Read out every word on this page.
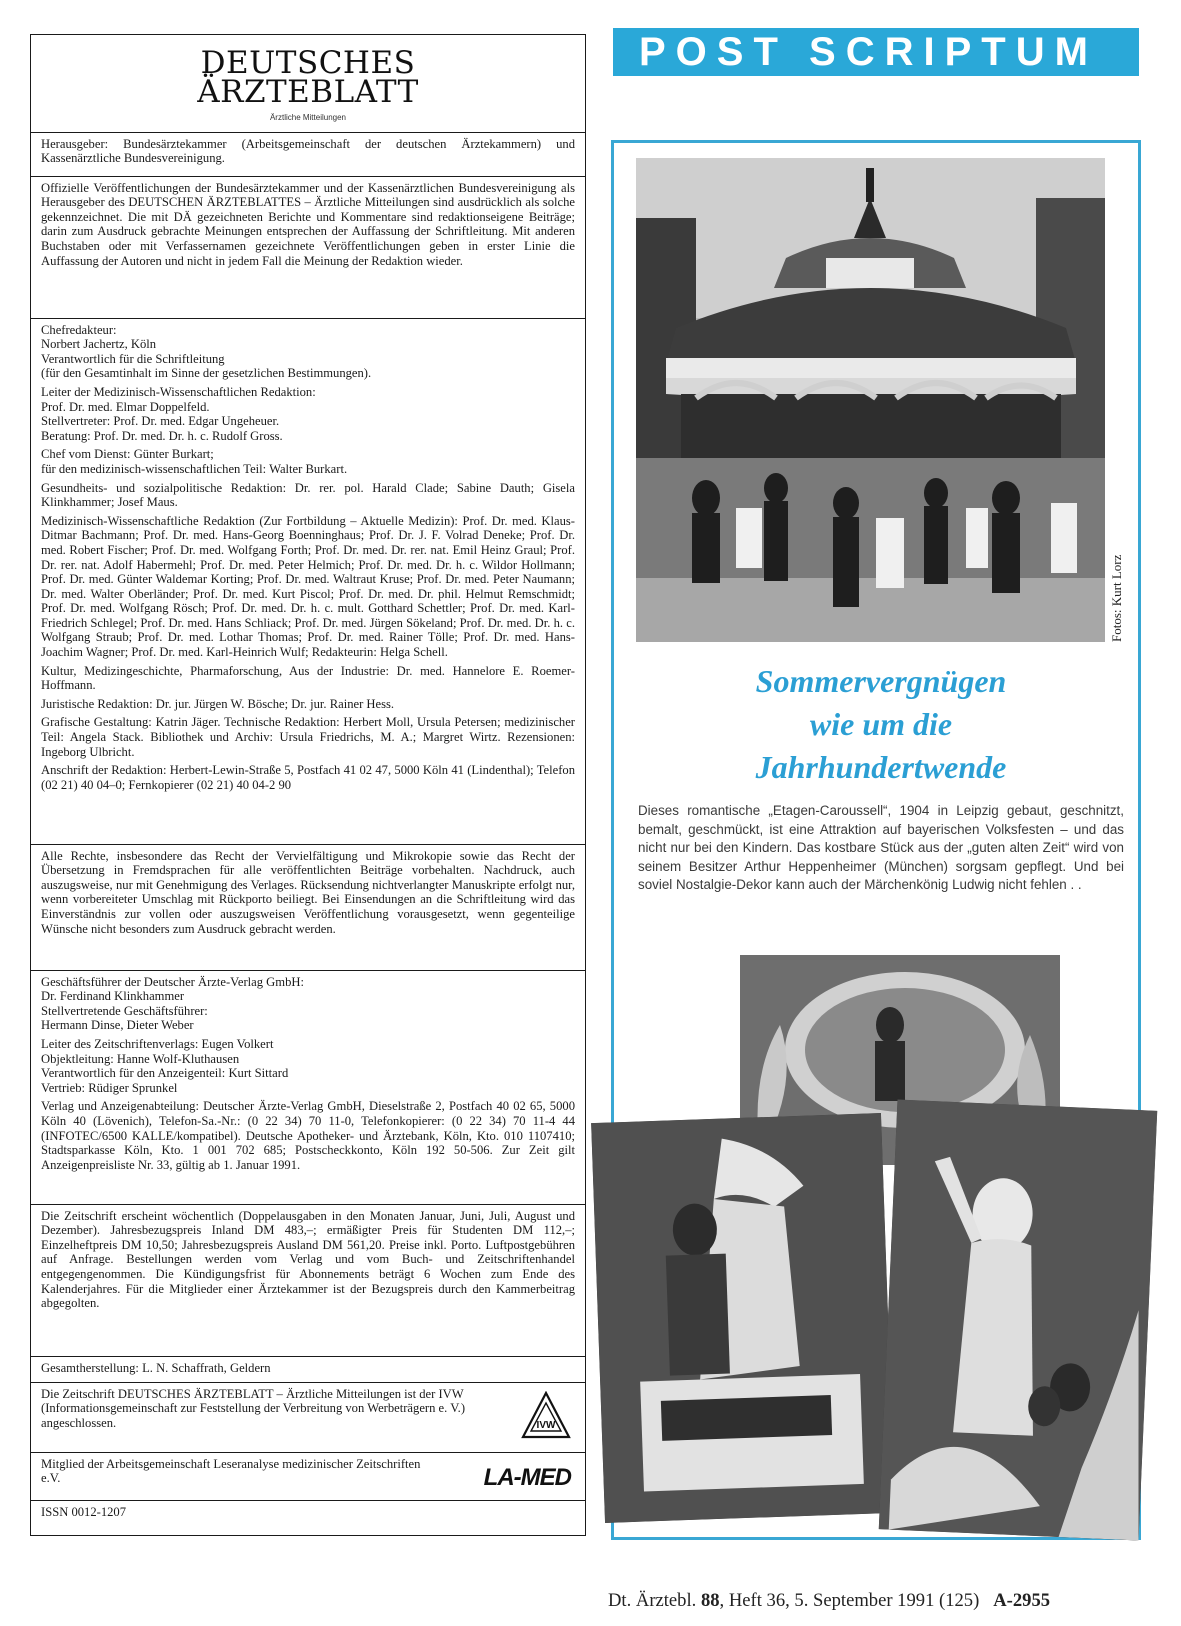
DEUTSCHES
ÄRZTEBLATT
Ärztliche Mitteilungen

Herausgeber: Bundesärztekammer (Arbeitsgemeinschaft der deutschen Ärztekammern) und Kassenärztliche Bundesvereinigung.

Offizielle Veröffentlichungen der Bundesärztekammer und der Kassenärztlichen Bundesvereinigung als Herausgeber des DEUTSCHEN ÄRZTEBLATTES – Ärztliche Mitteilungen sind ausdrücklich als solche gekennzeichnet. Die mit DÄ gezeichneten Berichte und Kommentare sind redaktionseigene Beiträge; darin zum Ausdruck gebrachte Meinungen entsprechen der Auffassung der Schriftleitung. Mit anderen Buchstaben oder mit Verfassernamen gezeichnete Veröffentlichungen geben in erster Linie die Auffassung der Autoren und nicht in jedem Fall die Meinung der Redaktion wieder.

Chefredakteur:
Norbert Jachertz, Köln
Verantwortlich für die Schriftleitung
(für den Gesamtinhalt im Sinne der gesetzlichen Bestimmungen).

Leiter der Medizinisch-Wissenschaftlichen Redaktion:
Prof. Dr. med. Elmar Doppelfeld.
Stellvertreter: Prof. Dr. med. Edgar Ungeheuer.
Beratung: Prof. Dr. med. Dr. h. c. Rudolf Gross.

Chef vom Dienst: Günter Burkart;
für den medizinisch-wissenschaftlichen Teil: Walter Burkart.

Gesundheits- und sozialpolitische Redaktion: Dr. rer. pol. Harald Clade; Sabine Dauth; Gisela Klinkhammer; Josef Maus.

Medizinisch-Wissenschaftliche Redaktion (Zur Fortbildung – Aktuelle Medizin): Prof. Dr. med. Klaus-Ditmar Bachmann; Prof. Dr. med. Hans-Georg Boenninghaus; Prof. Dr. J. F. Volrad Deneke; Prof. Dr. med. Robert Fischer; Prof. Dr. med. Wolfgang Forth; Prof. Dr. med. Dr. rer. nat. Emil Heinz Graul; Prof. Dr. rer. nat. Adolf Habermehl; Prof. Dr. med. Peter Helmich; Prof. Dr. med. Dr. h. c. Wildor Hollmann; Prof. Dr. med. Günter Waldemar Korting; Prof. Dr. med. Waltraut Kruse; Prof. Dr. med. Peter Naumann; Dr. med. Walter Oberländer; Prof. Dr. med. Kurt Piscol; Prof. Dr. med. Dr. phil. Helmut Remschmidt; Prof. Dr. med. Wolfgang Rösch; Prof. Dr. med. Dr. h. c. mult. Gotthard Schettler; Prof. Dr. med. Karl-Friedrich Schlegel; Prof. Dr. med. Hans Schliack; Prof. Dr. med. Jürgen Sökeland; Prof. Dr. med. Dr. h. c. Wolfgang Straub; Prof. Dr. med. Lothar Thomas; Prof. Dr. med. Rainer Tölle; Prof. Dr. med. Hans-Joachim Wagner; Prof. Dr. med. Karl-Heinrich Wulf; Redakteurin: Helga Schell.

Kultur, Medizingeschichte, Pharmaforschung, Aus der Industrie: Dr. med. Hannelore E. Roemer-Hoffmann.

Juristische Redaktion: Dr. jur. Jürgen W. Bösche; Dr. jur. Rainer Hess.

Grafische Gestaltung: Katrin Jäger. Technische Redaktion: Herbert Moll, Ursula Petersen; medizinischer Teil: Angela Stack. Bibliothek und Archiv: Ursula Friedrichs, M. A.; Margret Wirtz. Rezensionen: Ingeborg Ulbricht.

Anschrift der Redaktion: Herbert-Lewin-Straße 5, Postfach 41 02 47, 5000 Köln 41 (Lindenthal); Telefon (02 21) 40 04–0; Fernkopierer (02 21) 40 04-2 90

Alle Rechte, insbesondere das Recht der Vervielfältigung und Mikrokopie sowie das Recht der Übersetzung in Fremdsprachen für alle veröffentlichten Beiträge vorbehalten. Nachdruck, auch auszugsweise, nur mit Genehmigung des Verlages. Rücksendung nichtverlangter Manuskripte erfolgt nur, wenn vorbereiteter Umschlag mit Rückporto beiliegt. Bei Einsendungen an die Schriftleitung wird das Einverständnis zur vollen oder auszugsweisen Veröffentlichung vorausgesetzt, wenn gegenteilige Wünsche nicht besonders zum Ausdruck gebracht werden.

Geschäftsführer der Deutscher Ärzte-Verlag GmbH:
Dr. Ferdinand Klinkhammer
Stellvertretende Geschäftsführer:
Hermann Dinse, Dieter Weber

Leiter des Zeitschriftenverlags: Eugen Volkert
Objektleitung: Hanne Wolf-Kluthausen
Verantwortlich für den Anzeigenteil: Kurt Sittard
Vertrieb: Rüdiger Sprunkel

Verlag und Anzeigenabteilung: Deutscher Ärzte-Verlag GmbH, Dieselstraße 2, Postfach 40 02 65, 5000 Köln 40 (Lövenich), Telefon-Sa.-Nr.: (0 22 34) 70 11-0, Telefonkopierer: (0 22 34) 70 11-4 44 (INFOTEC/6500 KALLE/kompatibel). Deutsche Apotheker- und Ärztebank, Köln, Kto. 010 1107410; Stadtsparkasse Köln, Kto. 1 001 702 685; Postscheckkonto, Köln 192 50-506. Zur Zeit gilt Anzeigenpreisliste Nr. 33, gültig ab 1. Januar 1991.

Die Zeitschrift erscheint wöchentlich (Doppelausgaben in den Monaten Januar, Juni, Juli, August und Dezember). Jahresbezugspreis Inland DM 483,–; ermäßigter Preis für Studenten DM 112,–; Einzelheftpreis DM 10,50; Jahresbezugspreis Ausland DM 561,20. Preise inkl. Porto. Luftpostgebühren auf Anfrage. Bestellungen werden vom Verlag und vom Buch- und Zeitschriftenhandel entgegengenommen. Die Kündigungsfrist für Abonnements beträgt 6 Wochen zum Ende des Kalenderjahres. Für die Mitglieder einer Ärztekammer ist der Bezugspreis durch den Kammerbeitrag abgegolten.

Gesamtherstellung: L. N. Schaffrath, Geldern

Die Zeitschrift DEUTSCHES ÄRZTEBLATT – Ärztliche Mitteilungen ist der IVW (Informationsgemeinschaft zur Feststellung der Verbreitung von Werbeträgern e. V.) angeschlossen.	IVW

Mitglied der Arbeitsgemeinschaft Leseranalyse medizinischer Zeitschriften e.V.	LA-MED

ISSN 0012-1207

POST SCRIPTUM
Fotos: Kurt Lorz
Sommervergnügen
wie um die
Jahrhundertwende
Dieses romantische „Etagen-Caroussell“, 1904 in Leipzig gebaut, geschnitzt, bemalt, geschmückt, ist eine Attraktion auf bayerischen Volksfesten – und das nicht nur bei den Kindern. Das kostbare Stück aus der „guten alten Zeit“ wird von seinem Besitzer Arthur Heppenheimer (München) sorgsam gepflegt. Und bei soviel Nostalgie-Dekor kann auch der Märchenkönig Ludwig nicht fehlen . .
Dt. Ärztebl. 88, Heft 36, 5. September 1991 (125) A-2955
